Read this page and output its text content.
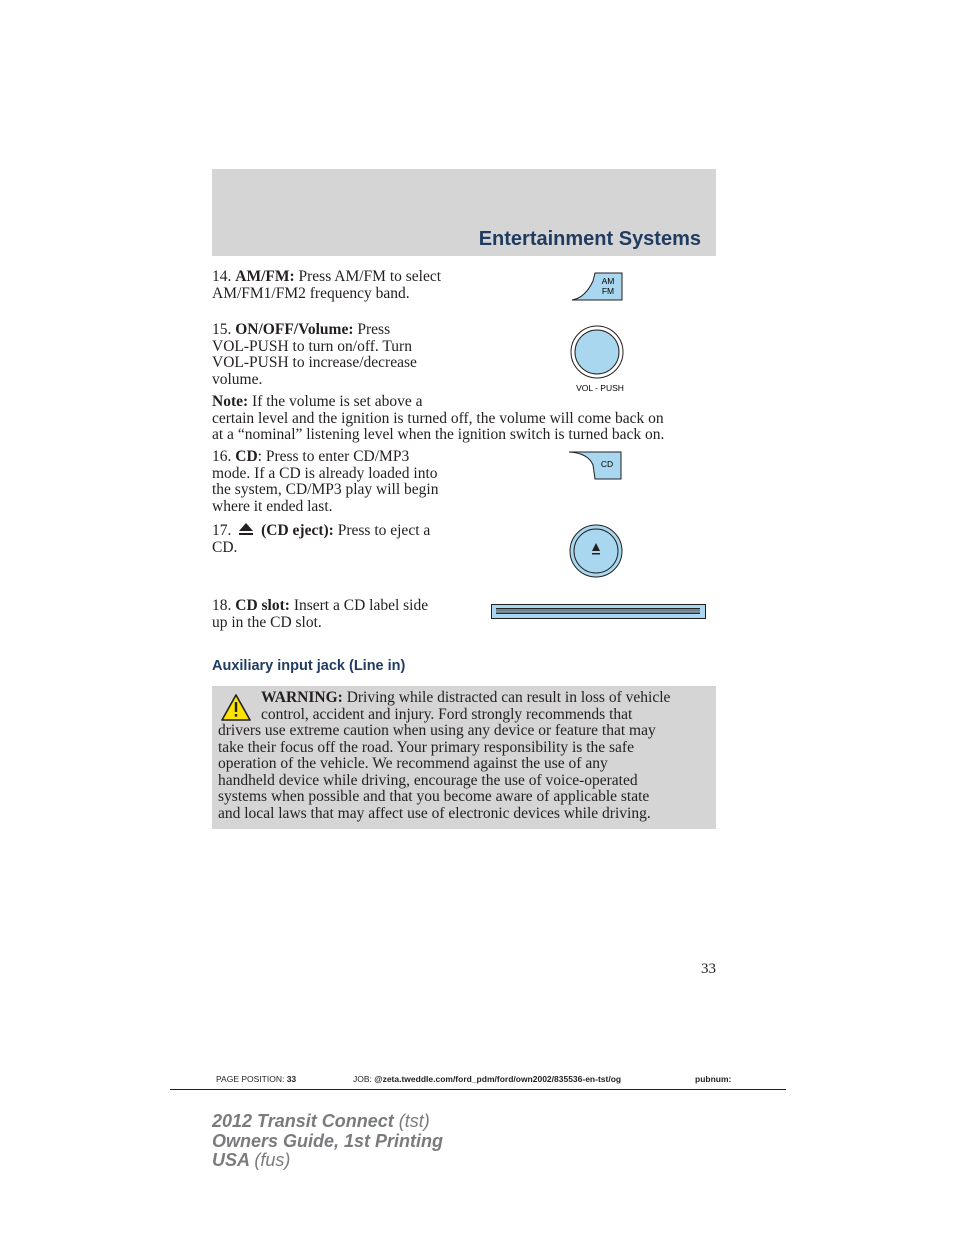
Entertainment Systems
14. AM/FM: Press AM/FM to select
AM/FM1/FM2 frequency band.
AM
FM
15. ON/OFF/Volume: Press
VOL-PUSH to turn on/off. Turn
VOL-PUSH to increase/decrease
volume.
VOL - PUSH
Note: If the volume is set above a
certain level and the ignition is turned off, the volume will come back on
at a “nominal” listening level when the ignition switch is turned back on.
16. CD: Press to enter CD/MP3
mode. If a CD is already loaded into
the system, CD/MP3 play will begin
where it ended last.
CD
17. (CD eject): Press to eject a
CD.
18. CD slot: Insert a CD label side
up in the CD slot.
Auxiliary input jack (Line in)
WARNING: Driving while distracted can result in loss of vehicle
control, accident and injury. Ford strongly recommends that
drivers use extreme caution when using any device or feature that may
take their focus off the road. Your primary responsibility is the safe
operation of the vehicle. We recommend against the use of any
handheld device while driving, encourage the use of voice-operated
systems when possible and that you become aware of applicable state
and local laws that may affect use of electronic devices while driving.
33
PAGE POSITION: 33	JOB: @zeta.tweddle.com/ford_pdm/ford/own2002/835536-en-tst/og	pubnum:
2012 Transit Connect (tst)
Owners Guide, 1st Printing
USA (fus)
